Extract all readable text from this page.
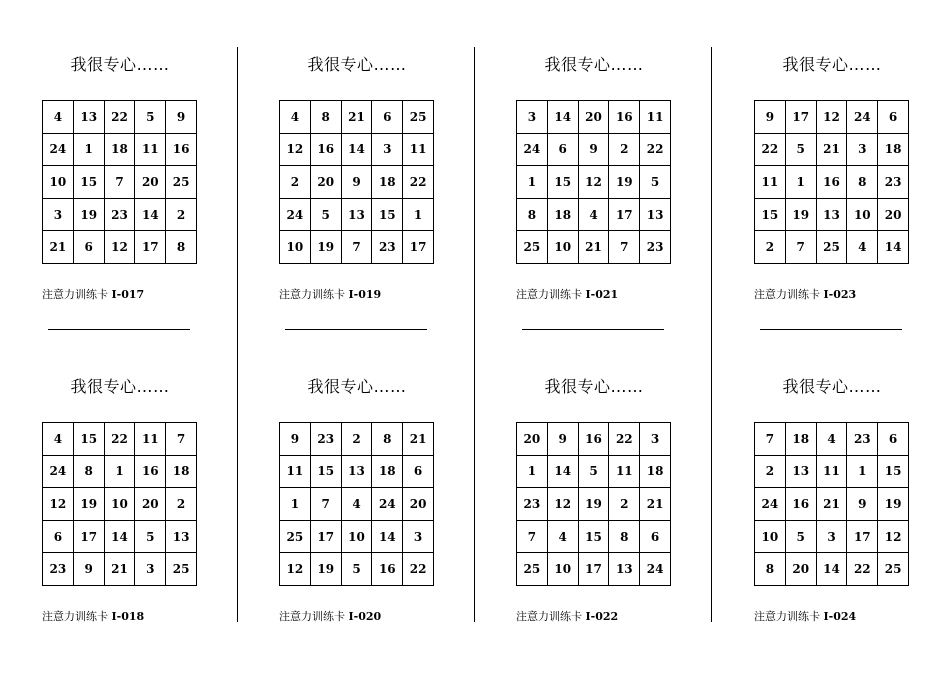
我很专心……
4	13	22	5	9
24	1	18	11	16
10	15	7	20	25
3	19	23	14	2
21	6	12	17	8
注意力训练卡 I-017
我很专心……
4	8	21	6	25
12	16	14	3	11
2	20	9	18	22
24	5	13	15	1
10	19	7	23	17
注意力训练卡 I-019
我很专心……
3	14	20	16	11
24	6	9	2	22
1	15	12	19	5
8	18	4	17	13
25	10	21	7	23
注意力训练卡 I-021
我很专心……
9	17	12	24	6
22	5	21	3	18
11	1	16	8	23
15	19	13	10	20
2	7	25	4	14
注意力训练卡 I-023
我很专心……
4	15	22	11	7
24	8	1	16	18
12	19	10	20	2
6	17	14	5	13
23	9	21	3	25
注意力训练卡 I-018
我很专心……
9	23	2	8	21
11	15	13	18	6
1	7	4	24	20
25	17	10	14	3
12	19	5	16	22
注意力训练卡 I-020
我很专心……
20	9	16	22	3
1	14	5	11	18
23	12	19	2	21
7	4	15	8	6
25	10	17	13	24
注意力训练卡 I-022
我很专心……
7	18	4	23	6
2	13	11	1	15
24	16	21	9	19
10	5	3	17	12
8	20	14	22	25
注意力训练卡 I-024
